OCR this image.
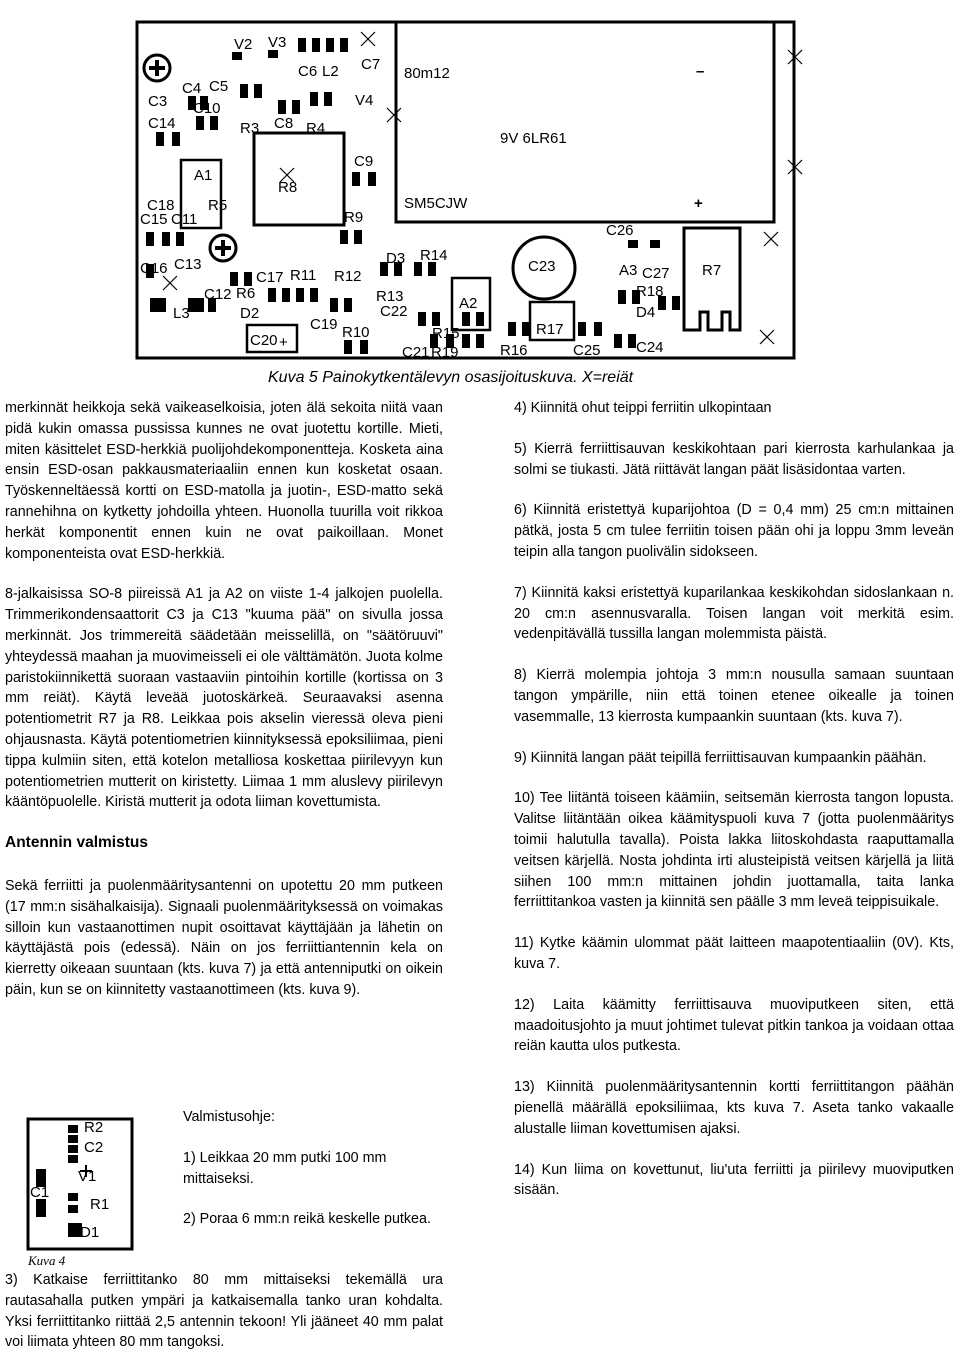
80m12	–
9V 6LR61
SM5CJW	+
V2 V3
C6 L2 C7
C3
C4 C5
C14
C10
R3 C8 R4
V4
C9
A1
R8
C18 R5
C15 C11	R9
C16 C13	D3 R14
C23
C26
C17 R11 R12	A3 C27 R7
R13	R18
C12 R6
A2
L3	D2	C22	D4
C19	R17
C20	R10	R15
C24
C21 R19	R16	C25
+
Kuva 5 Painokytkentälevyn osasijoituskuva. X=reiät

merkinnät heikkoja sekä vaikeaselkoisia, joten älä sekoita niitä vaan pidä kukin omassa pussissa kunnes ne ovat juotettu kortille. Mieti, miten käsittelet ESD-herkkiä puolijohdekomponentteja. Kosketa aina ensin ESD-osan pakkausmateriaaliin ennen kun kosketat osaan. Työskenneltäessä kortti on ESD-matolla ja juotin-, ESD-matto sekä rannehihna on kytketty johdoilla yhteen. Huonolla tuurilla voit rikkoa herkät komponentit ennen kuin ne ovat paikoillaan. Monet komponenteista ovat ESD-herkkiä.

8-jalkaisissa SO-8 piireissä A1 ja A2 on viiste 1-4 jalkojen puolella. Trimmerikondensaattorit C3 ja C13 "kuuma pää" on sivulla jossa merkinnät. Jos trimmereitä säädetään meisselillä, on "säätöruuvi" yhteydessä maahan ja muovimeisseli ei ole välttämätön. Juota kolme paristokiinnikettä suoraan vastaaviin pintoihin kortille (kortissa on 3 mm reiät). Käytä leveää juotoskärkeä. Seuraavaksi asenna potentiometrit R7 ja R8. Leikkaa pois akselin vieressä oleva pieni ohjausnasta. Käytä potentiometrien kiinnityksessä epoksiliimaa, pieni tippa kulmiin siten, että kotelon metalliosa koskettaa piirilevyyn kun potentiometrien mutterit on kiristetty. Liimaa 1 mm aluslevy piirilevyn kääntöpuolelle. Kiristä mutterit ja odota liiman kovettumista.

Antennin valmistus

Sekä ferriitti ja puolenmääritysantenni on upotettu 20 mm putkeen (17 mm:n sisähalkaisija). Signaali puolenmäärityksessä on voimakas silloin kun vastaanottimen nupit osoittavat käyttäjään ja lähetin on käyttäjästä pois (edessä). Näin on jos ferriittiantennin kela on kierretty oikeaan suuntaan (kts. kuva 7) ja että antenniputki on oikein päin, kun se on kiinnitetty vastaanottimeen (kts. kuva 9).

R2
C2
V1
C1
R1
D1
Kuva 4

Valmistusohje:

1) Leikkaa 20 mm putki 100 mm mittaiseksi.

2) Poraa 6 mm:n reikä keskelle putkea.

3) Katkaise ferriittitanko 80 mm mittaiseksi tekemällä ura rautasahalla putken ympäri ja katkaisemalla tanko uran kohdalta. Yksi ferriittitanko riittää 2,5 antennin tekoon! Yli jääneet 40 mm palat voi liimata yhteen 80 mm tangoksi.

4) Kiinnitä ohut teippi ferriitin ulkopintaan

5) Kierrä ferriittisauvan keskikohtaan pari kierrosta karhulankaa ja solmi se tiukasti. Jätä riittävät langan päät lisäsidontaa varten.

6) Kiinnitä eristettyä kuparijohtoa (D = 0,4 mm) 25 cm:n mittainen pätkä, josta 5 cm tulee ferriitin toisen pään ohi ja loppu 3mm leveän teipin alla tangon puolivälin sidokseen.

7) Kiinnitä kaksi eristettyä kuparilankaa keskikohdan sidoslankaan n. 20 cm:n asennusvaralla. Toisen langan voit merkitä esim. vedenpitävällä tussilla langan molemmista päistä.

8) Kierrä molempia johtoja 3 mm:n nousulla samaan suuntaan tangon ympärille, niin että toinen etenee oikealle ja toinen vasemmalle, 13 kierrosta kumpaankin suuntaan (kts. kuva 7).

9) Kiinnitä langan päät teipillä ferriittisauvan kumpaankin päähän.

10) Tee liitäntä toiseen käämiin, seitsemän kierrosta tangon lopusta. Valitse liitäntään oikea käämityspuoli kuva 7 (jotta puolenmääritys toimii halutulla tavalla). Poista lakka liitoskohdasta raaputtamalla veitsen kärjellä. Nosta johdinta irti alusteipistä veitsen kärjellä ja liitä siihen 100 mm:n mittainen johdin juottamalla, taita lanka ferriittitankoa vasten ja kiinnitä sen päälle 3 mm leveä teippisuikale.

11) Kytke käämin ulommat päät laitteen maapotentiaaliin (0V). Kts, kuva 7.

12) Laita käämitty ferriittisauva muoviputkeen siten, että maadoitusjohto ja muut johtimet tulevat pitkin tankoa ja voidaan ottaa reiän kautta ulos putkesta.

13) Kiinnitä puolenmääritysantennin kortti ferriittitangon päähän pienellä määrällä epoksiliimaa, kts kuva 7. Aseta tanko vakaalle alustalle liiman kovettumisen ajaksi.

14) Kun liima on kovettunut, liu'uta ferriitti ja piirilevy muoviputken sisään.
